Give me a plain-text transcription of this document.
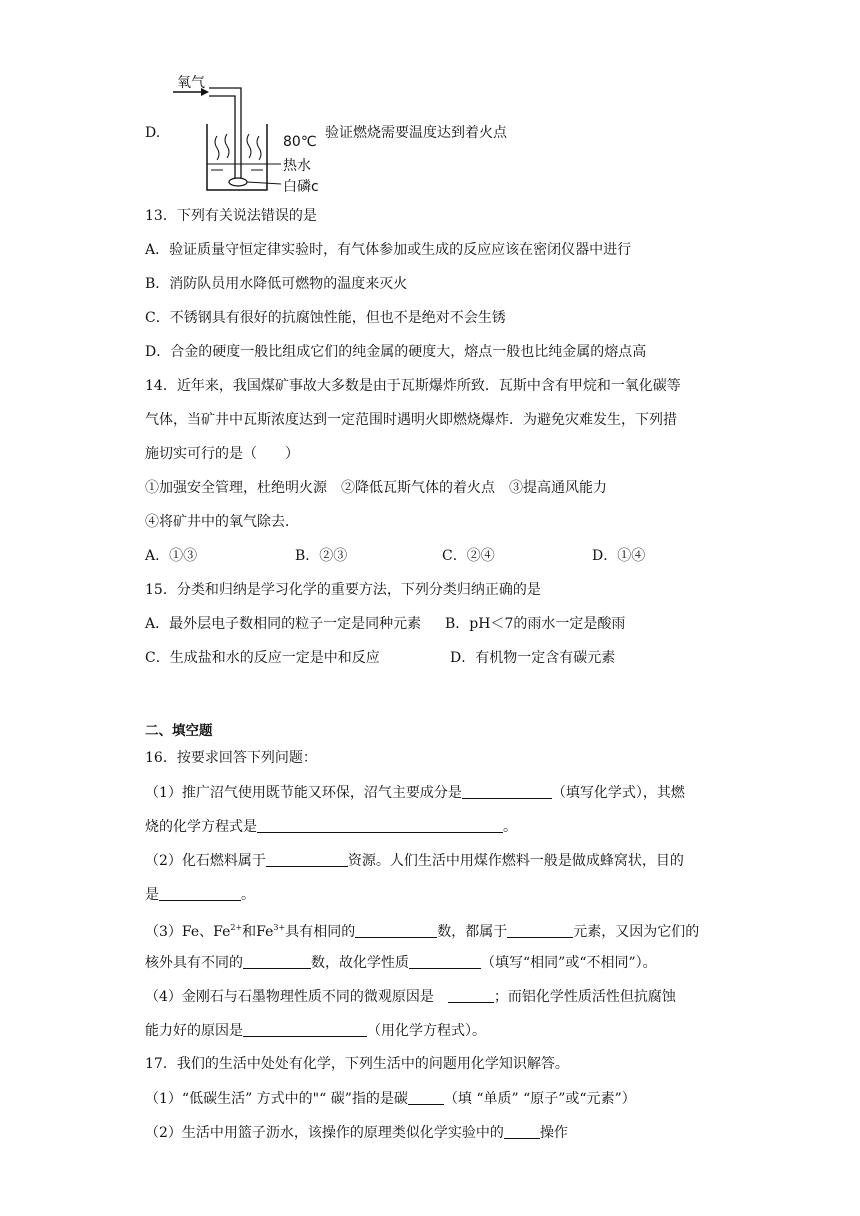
D.
氧气
80℃
热水
白磷c
验证燃烧需要温度达到着火点
13．下列有关说法错误的是
A．验证质量守恒定律实验时，有气体参加或生成的反应应该在密闭仪器中进行
B．消防队员用水降低可燃物的温度来灭火
C．不锈钢具有很好的抗腐蚀性能，但也不是绝对不会生锈
D．合金的硬度一般比组成它们的纯金属的硬度大，熔点一般也比纯金属的熔点高
14．近年来，我国煤矿事故大多数是由于瓦斯爆炸所致．瓦斯中含有甲烷和一氧化碳等
气体，当矿井中瓦斯浓度达到一定范围时遇明火即燃烧爆炸．为避免灾难发生，下列措
施切实可行的是（　　）
①加强安全管理，杜绝明火源　②降低瓦斯气体的着火点　③提高通风能力
④将矿井中的氧气除去．
A．①③	B．②③	C．②④	D．①④
15．分类和归纳是学习化学的重要方法，下列分类归纳正确的是
A．最外层电子数相同的粒子一定是同种元素 B．pH＜7的雨水一定是酸雨
C．生成盐和水的反应一定是中和反应	D．有机物一定含有碳元素
二、填空题
16．按要求回答下列问题：
（1）推广沼气使用既节能又环保，沼气主要成分是	（填写化学式），其燃
烧的化学方程式是	。
（2）化石燃料属于	资源。人们生活中用煤作燃料一般是做成蜂窝状，目的
是	。
（3）Fe、$Fe^{2+}$和$Fe^{3+}$具有相同的	数，都属于	元素，又因为它们的
核外具有不同的	数，故化学性质	（填写“相同”或“不相同”）。
（4）金刚石与石墨物理性质不同的微观原因是	；而铝化学性质活性但抗腐蚀
能力好的原因是	（用化学方程式）。
17．我们的生活中处处有化学，下列生活中的问题用化学知识解答。
（1）“低碳生活” 方式中的"“ 碳”指的是碳	（填 “单质” “原子”或“元素”）
（2）生活中用篮子沥水，该操作的原理类似化学实验中的	操作
